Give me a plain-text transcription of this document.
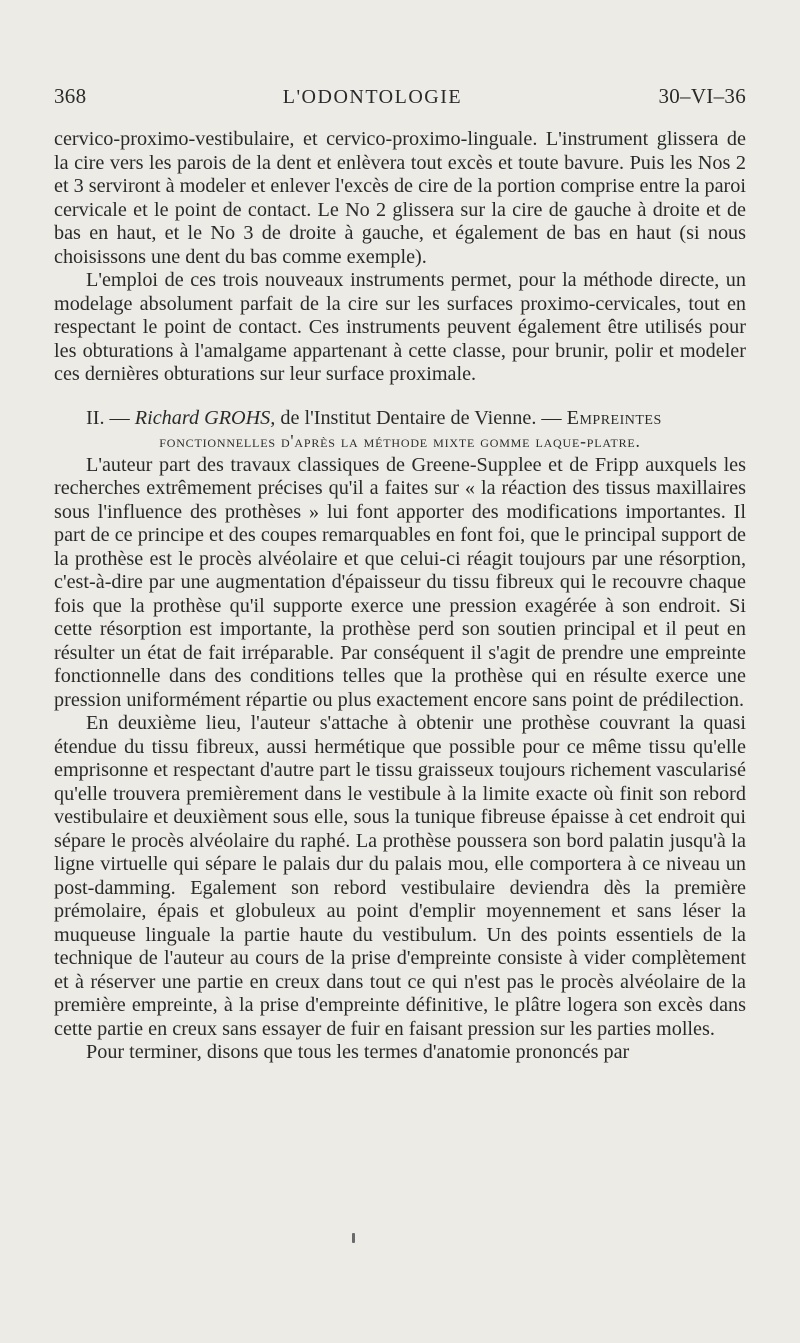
368	L'ODONTOLOGIE	30–VI–36

cervico-proximo-vestibulaire, et cervico-proximo-linguale. L'instrument glissera de la cire vers les parois de la dent et enlèvera tout excès et toute bavure. Puis les Nos 2 et 3 serviront à modeler et enlever l'excès de cire de la portion comprise entre la paroi cervicale et le point de contact. Le No 2 glissera sur la cire de gauche à droite et de bas en haut, et le No 3 de droite à gauche, et également de bas en haut (si nous choisissons une dent du bas comme exemple).

L'emploi de ces trois nouveaux instruments permet, pour la méthode directe, un modelage absolument parfait de la cire sur les surfaces proximo-cervicales, tout en respectant le point de contact. Ces instruments peuvent également être utilisés pour les obturations à l'amalgame appartenant à cette classe, pour brunir, polir et modeler ces dernières obturations sur leur surface proximale.

II. — Richard GROHS, de l'Institut Dentaire de Vienne. — Empreintes

fonctionnelles d'après la méthode mixte gomme laque-platre.

L'auteur part des travaux classiques de Greene-Supplee et de Fripp auxquels les recherches extrêmement précises qu'il a faites sur « la réaction des tissus maxillaires sous l'influence des prothèses » lui font apporter des modifications importantes. Il part de ce principe et des coupes remarquables en font foi, que le principal support de la prothèse est le procès alvéolaire et que celui-ci réagit toujours par une résorption, c'est-à-dire par une augmentation d'épaisseur du tissu fibreux qui le recouvre chaque fois que la prothèse qu'il supporte exerce une pression exagérée à son endroit. Si cette résorption est importante, la prothèse perd son soutien principal et il peut en résulter un état de fait irréparable. Par conséquent il s'agit de prendre une empreinte fonctionnelle dans des conditions telles que la prothèse qui en résulte exerce une pression uniformément répartie ou plus exactement encore sans point de prédilection.

En deuxième lieu, l'auteur s'attache à obtenir une prothèse couvrant la quasi étendue du tissu fibreux, aussi hermétique que possible pour ce même tissu qu'elle emprisonne et respectant d'autre part le tissu graisseux toujours richement vascularisé qu'elle trouvera premièrement dans le vestibule à la limite exacte où finit son rebord vestibulaire et deuxièment sous elle, sous la tunique fibreuse épaisse à cet endroit qui sépare le procès alvéolaire du raphé. La prothèse poussera son bord palatin jusqu'à la ligne virtuelle qui sépare le palais dur du palais mou, elle comportera à ce niveau un post-damming. Egalement son rebord vestibulaire deviendra dès la première prémolaire, épais et globuleux au point d'emplir moyennement et sans léser la muqueuse linguale la partie haute du vestibulum. Un des points essentiels de la technique de l'auteur au cours de la prise d'empreinte consiste à vider complètement et à réserver une partie en creux dans tout ce qui n'est pas le procès alvéolaire de la première empreinte, à la prise d'empreinte définitive, le plâtre logera son excès dans cette partie en creux sans essayer de fuir en faisant pression sur les parties molles.

Pour terminer, disons que tous les termes d'anatomie prononcés par
